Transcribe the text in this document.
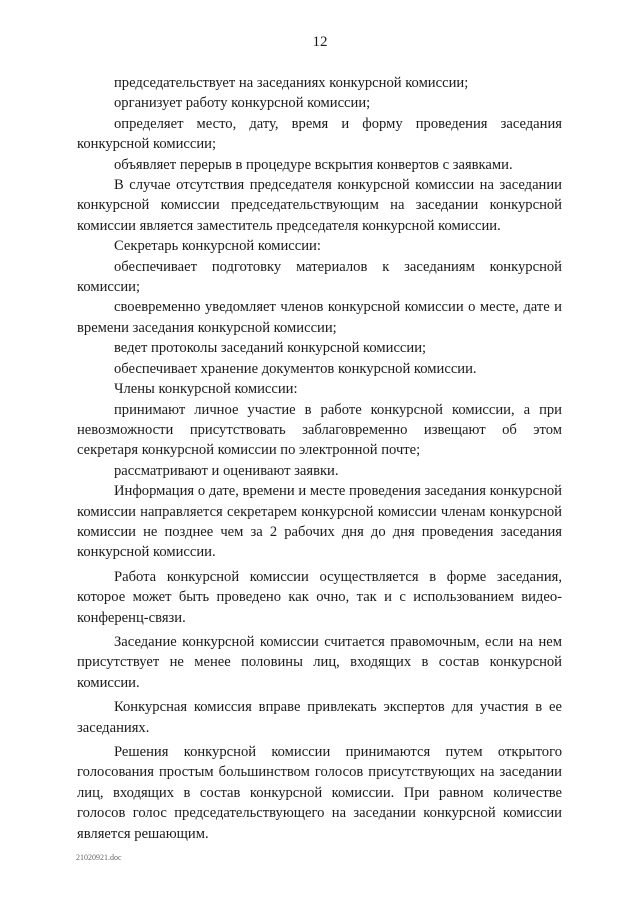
12

председательствует на заседаниях конкурсной комиссии;

организует работу конкурсной комиссии;

определяет место, дату, время и форму проведения заседания конкурсной комиссии;

объявляет перерыв в процедуре вскрытия конвертов с заявками.

В случае отсутствия председателя конкурсной комиссии на заседании конкурсной комиссии председательствующим на заседании конкурсной комиссии является заместитель председателя конкурсной комиссии.

Секретарь конкурсной комиссии:

обеспечивает подготовку материалов к заседаниям конкурсной комиссии;

своевременно уведомляет членов конкурсной комиссии о месте, дате и времени заседания конкурсной комиссии;

ведет протоколы заседаний конкурсной комиссии;

обеспечивает хранение документов конкурсной комиссии.

Члены конкурсной комиссии:

принимают личное участие в работе конкурсной комиссии, а при невозможности присутствовать заблаговременно извещают об этом секретаря конкурсной комиссии по электронной почте;

рассматривают и оценивают заявки.

Информация о дате, времени и месте проведения заседания конкурсной комиссии направляется секретарем конкурсной комиссии членам конкурсной комиссии не позднее чем за 2 рабочих дня до дня проведения заседания конкурсной комиссии.

Работа конкурсной комиссии осуществляется в форме заседания, которое может быть проведено как очно, так и с использованием видео-конференц-связи.

Заседание конкурсной комиссии считается правомочным, если на нем присутствует не менее половины лиц, входящих в состав конкурсной комиссии.

Конкурсная комиссия вправе привлекать экспертов для участия в ее заседаниях.

Решения конкурсной комиссии принимаются путем открытого голосования простым большинством голосов присутствующих на заседании лиц, входящих в состав конкурсной комиссии. При равном количестве голосов голос председательствующего на заседании конкурсной комиссии является решающим.

21020921.doc
